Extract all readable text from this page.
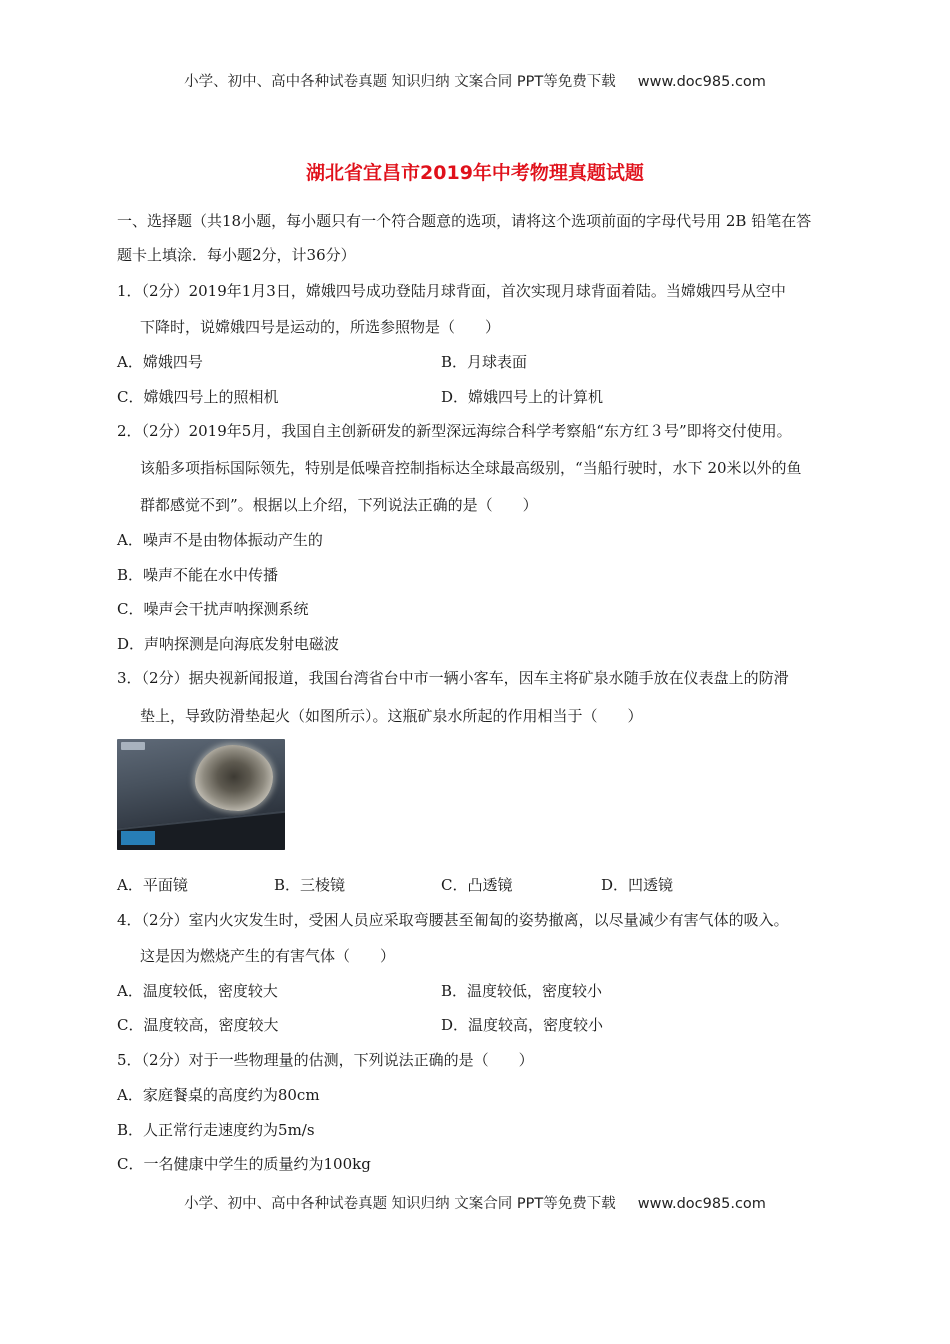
小学、初中、高中各种试卷真题 知识归纳 文案合同 PPT等免费下载 www.doc985.com
湖北省宜昌市2019年中考物理真题试题
一、选择题（共18小题，每小题只有一个符合题意的选项，请将这个选项前面的字母代号用 2B 铅笔在答
题卡上填涂．每小题2分，计36分）
1．（2分）2019年1月3日，嫦娥四号成功登陆月球背面，首次实现月球背面着陆。当嫦娥四号从空中
下降时，说嫦娥四号是运动的，所选参照物是（　　）
A．嫦娥四号	B．月球表面
C．嫦娥四号上的照相机	D．嫦娥四号上的计算机
2．（2分）2019年5月，我国自主创新研发的新型深远海综合科学考察船“东方红３号”即将交付使用。
该船多项指标国际领先，特别是低噪音控制指标达全球最高级别，“当船行驶时，水下 20米以外的鱼
群都感觉不到”。根据以上介绍，下列说法正确的是（　　）
A．噪声不是由物体振动产生的
B．噪声不能在水中传播
C．噪声会干扰声呐探测系统
D．声呐探测是向海底发射电磁波
3．（2分）据央视新闻报道，我国台湾省台中市一辆小客车，因车主将矿泉水随手放在仪表盘上的防滑
垫上，导致防滑垫起火（如图所示）。这瓶矿泉水所起的作用相当于（　　）
A．平面镜	B．三棱镜	C．凸透镜	D．凹透镜
4．（2分）室内火灾发生时，受困人员应采取弯腰甚至匍匐的姿势撤离，以尽量减少有害气体的吸入。
这是因为燃烧产生的有害气体（　　）
A．温度较低，密度较大	B．温度较低，密度较小
C．温度较高，密度较大	D．温度较高，密度较小
5．（2分）对于一些物理量的估测，下列说法正确的是（　　）
A．家庭餐桌的高度约为80cm
B．人正常行走速度约为5m/s
C．一名健康中学生的质量约为100kg
小学、初中、高中各种试卷真题 知识归纳 文案合同 PPT等免费下载 www.doc985.com
